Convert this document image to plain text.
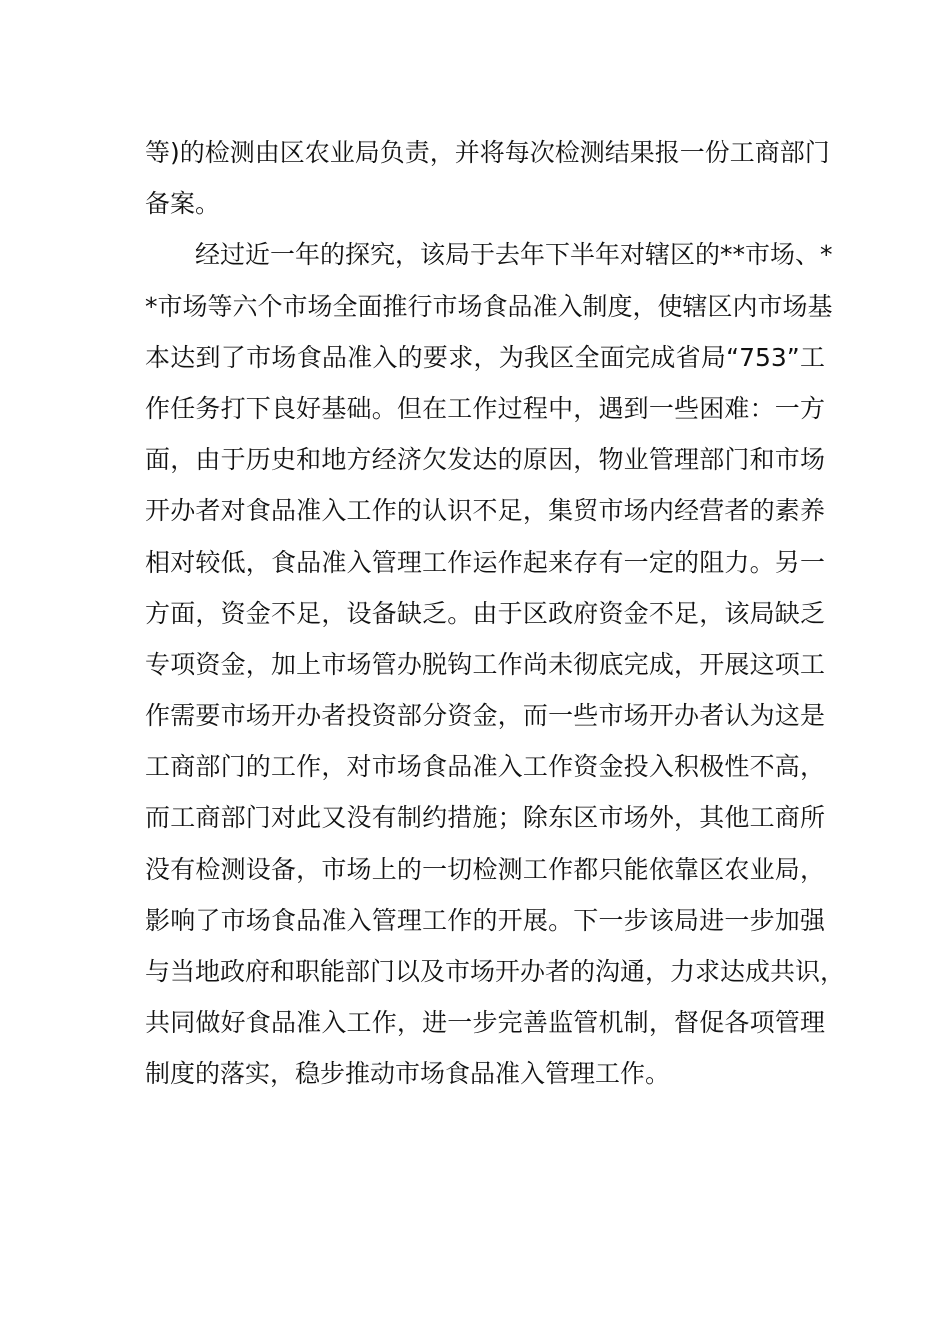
等)的检测由区农业局负责，并将每次检测结果报一份工商部门
备案。
经过近一年的探究，该局于去年下半年对辖区的**市场、*
*市场等六个市场全面推行市场食品准入制度，使辖区内市场基
本达到了市场食品准入的要求，为我区全面完成省局“753”工
作任务打下良好基础。但在工作过程中，遇到一些困难：一方
面，由于历史和地方经济欠发达的原因，物业管理部门和市场
开办者对食品准入工作的认识不足，集贸市场内经营者的素养
相对较低，食品准入管理工作运作起来存有一定的阻力。另一
方面，资金不足，设备缺乏。由于区政府资金不足，该局缺乏
专项资金，加上市场管办脱钩工作尚未彻底完成，开展这项工
作需要市场开办者投资部分资金，而一些市场开办者认为这是
工商部门的工作，对市场食品准入工作资金投入积极性不高，
而工商部门对此又没有制约措施；除东区市场外，其他工商所
没有检测设备，市场上的一切检测工作都只能依靠区农业局，
影响了市场食品准入管理工作的开展。下一步该局进一步加强
与当地政府和职能部门以及市场开办者的沟通，力求达成共识，
共同做好食品准入工作，进一步完善监管机制，督促各项管理
制度的落实，稳步推动市场食品准入管理工作。
